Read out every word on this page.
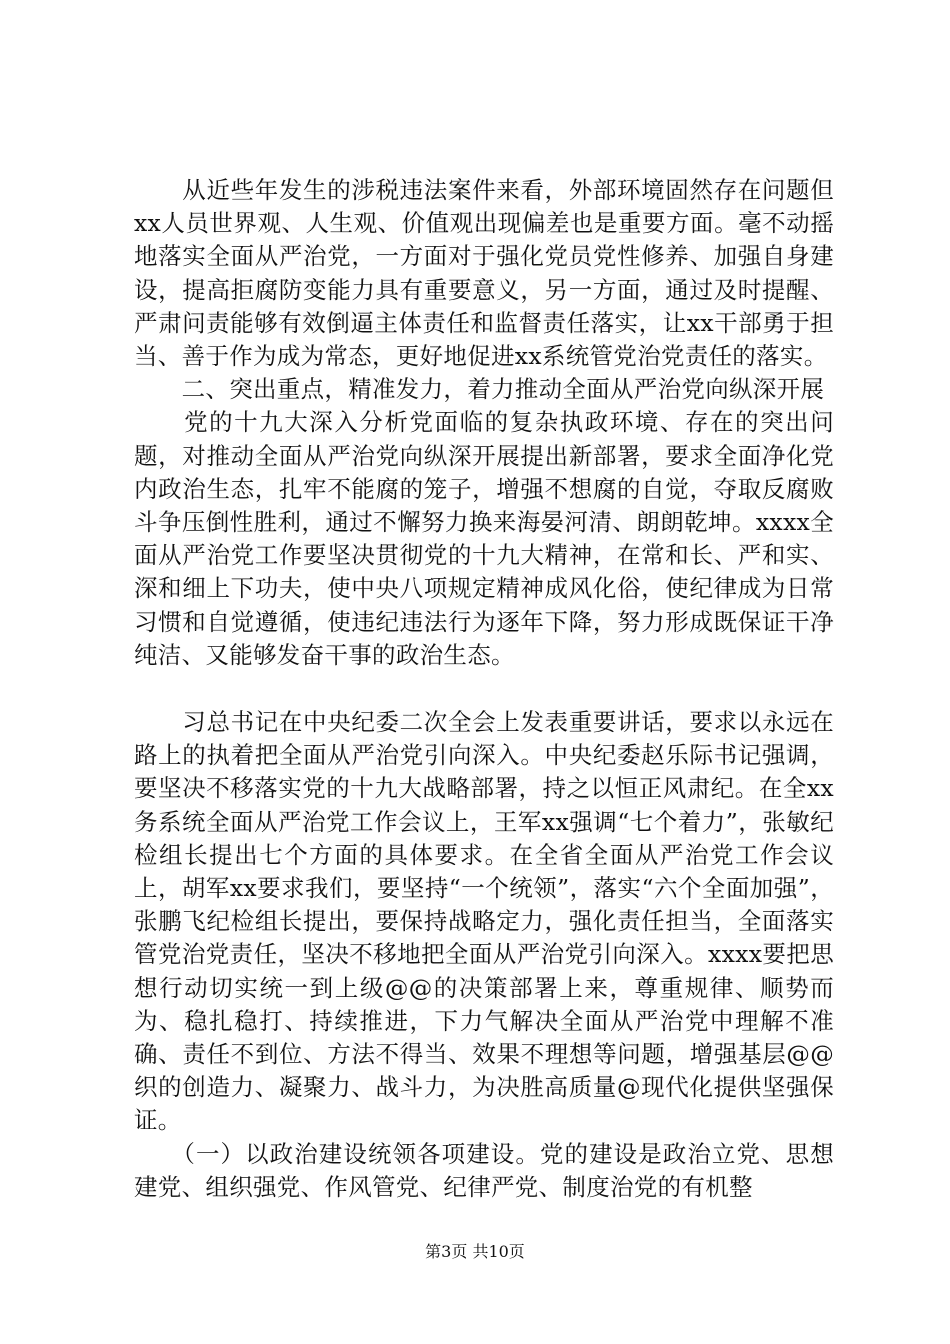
　　从近些年发生的涉税违法案件来看，外部环境固然存在问题但xx人员世界观、人生观、价值观出现偏差也是重要方面。毫不动摇地落实全面从严治党，一方面对于强化党员党性修养、加强自身建设，提高拒腐防变能力具有重要意义，另一方面，通过及时提醒、严肃问责能够有效倒逼主体责任和监督责任落实，让xx干部勇于担当、善于作为成为常态，更好地促进xx系统管党治党责任的落实。

　　二、突出重点，精准发力，着力推动全面从严治党向纵深开展

　　党的十九大深入分析党面临的复杂执政环境、存在的突出问题，对推动全面从严治党向纵深开展提出新部署，要求全面净化党内政治生态，扎牢不能腐的笼子，增强不想腐的自觉，夺取反腐败斗争压倒性胜利，通过不懈努力换来海晏河清、朗朗乾坤。xxxx全面从严治党工作要坚决贯彻党的十九大精神，在常和长、严和实、深和细上下功夫，使中央八项规定精神成风化俗，使纪律成为日常习惯和自觉遵循，使违纪违法行为逐年下降，努力形成既保证干净纯洁、又能够发奋干事的政治生态。

　　习总书记在中央纪委二次全会上发表重要讲话，要求以永远在路上的执着把全面从严治党引向深入。中央纪委赵乐际书记强调，要坚决不移落实党的十九大战略部署，持之以恒正风肃纪。在全xx务系统全面从严治党工作会议上，王军xx强调“七个着力”，张敏纪检组长提出七个方面的具体要求。在全省全面从严治党工作会议上，胡军xx要求我们，要坚持“一个统领”，落实“六个全面加强”，张鹏飞纪检组长提出，要保持战略定力，强化责任担当，全面落实管党治党责任，坚决不移地把全面从严治党引向深入。xxxx要把思想行动切实统一到上级@@的决策部署上来，尊重规律、顺势而为、稳扎稳打、持续推进，下力气解决全面从严治党中理解不准确、责任不到位、方法不得当、效果不理想等问题，增强基层@@织的创造力、凝聚力、战斗力，为决胜高质量@现代化提供坚强保证。

　　（一）以政治建设统领各项建设。党的建设是政治立党、思想建党、组织强党、作风管党、纪律严党、制度治党的有机整

第3页 共10页
